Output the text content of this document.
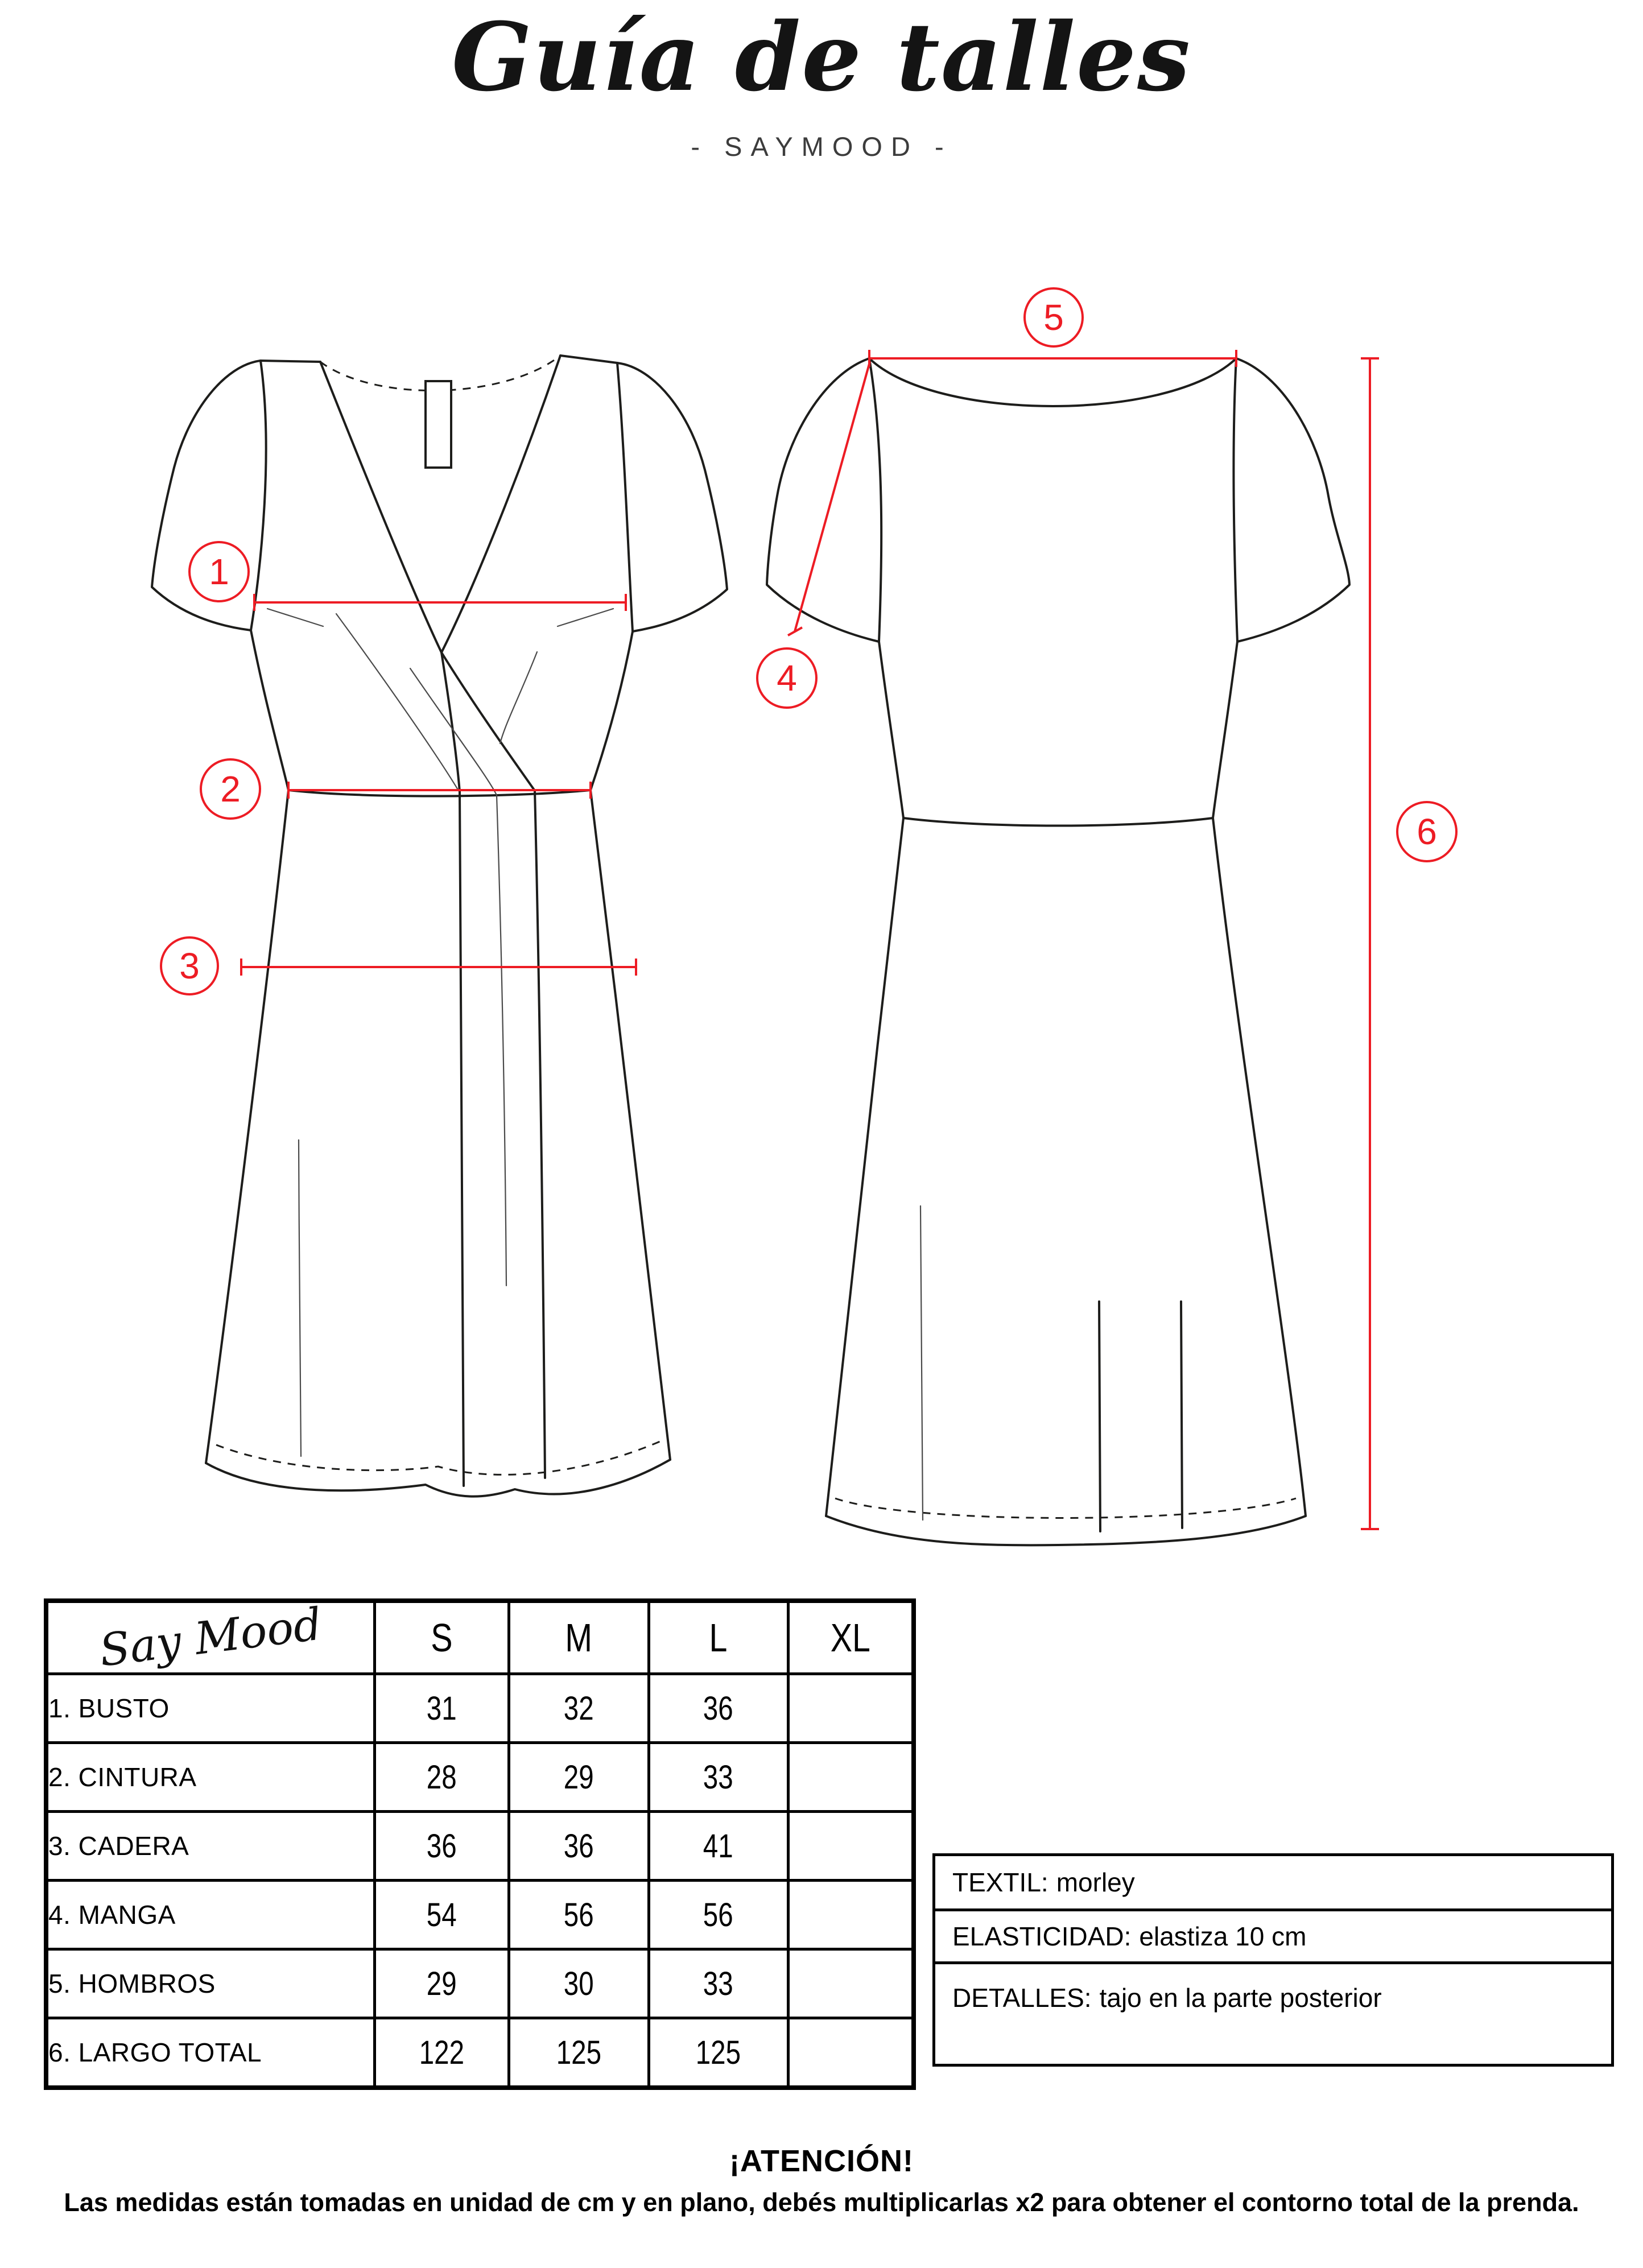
Guía de talles
- SAYMOOD -
1
2
3
4
5
6
Say Mood	S	M	L	XL
1. BUSTO	31	32	36	
2. CINTURA	28	29	33	
3. CADERA	36	36	41	
4. MANGA	54	56	56	
5. HOMBROS	29	30	33	
6. LARGO TOTAL	122	125	125	
TEXTIL: morley
ELASTICIDAD: elastiza 10 cm
DETALLES: tajo en la parte posterior
¡ATENCIÓN!
Las medidas están tomadas en unidad de cm y en plano, debés multiplicarlas x2 para obtener el contorno total de la prenda.
